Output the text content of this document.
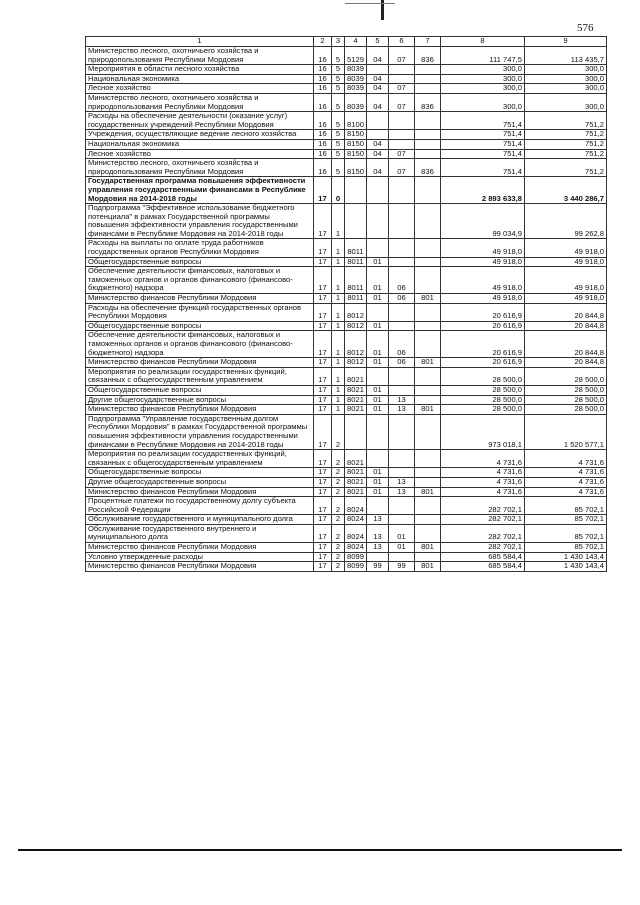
576
1	2	3	4	5	6	7	8	9
Министерство лесного, охотничьего хозяйства и природопользования Республики Мордовия	16	5	5129	04	07	836	111 747,5	113 435,7
Мероприятия в области лесного хозяйства	16	5	8039				300,0	300,0
Национальная экономика	16	5	8039	04			300,0	300,0
Лесное хозяйство	16	5	8039	04	07		300,0	300,0
Министерство лесного, охотничьего хозяйства и природопользования Республики Мордовия	16	5	8039	04	07	836	300,0	300,0
Расходы на обеспечение деятельности (оказание услуг) государственных учреждений Республики Мордовия	16	5	8100				751,4	751,2
Учреждения, осуществляющие ведение лесного хозяйства	16	5	8150				751,4	751,2
Национальная экономика	16	5	8150	04			751,4	751,2
Лесное хозяйство	16	5	8150	04	07		751,4	751,2
Министерство лесного, охотничьего хозяйства и природопользования Республики Мордовия	16	5	8150	04	07	836	751,4	751,2
Государственная программа повышения эффективности управления государственными финансами в Республике Мордовия на 2014-2018 годы	17	0					2 893 633,8	3 440 286,7
Подпрограмма "Эффективное использование бюджетного потенциала" в рамках Государственной программы повышения эффективности управления государственными финансами в Республике Мордовия на 2014-2018 годы	17	1					99 034,9	99 262,8
Расходы на выплаты по оплате труда работников государственных органов Республики Мордовия	17	1	8011				49 918,0	49 918,0
Общегосударственные вопросы	17	1	8011	01			49 918,0	49 918,0
Обеспечение деятельности финансовых, налоговых и таможенных органов и органов финансового (финансово-бюджетного) надзора	17	1	8011	01	06		49 918,0	49 918,0
Министерство финансов Республики Мордовия	17	1	8011	01	06	801	49 918,0	49 918,0
Расходы на обеспечение функций государственных органов Республики Мордовия	17	1	8012				20 616,9	20 844,8
Общегосударственные вопросы	17	1	8012	01			20 616,9	20 844,8
Обеспечение деятельности финансовых, налоговых и таможенных органов и органов финансового (финансово-бюджетного) надзора	17	1	8012	01	06		20 616,9	20 844,8
Министерство финансов Республики Мордовия	17	1	8012	01	06	801	20 616,9	20 844,8
Мероприятия по реализации государственных функций, связанных с общегосударственным управлением	17	1	8021				28 500,0	28 500,0
Общегосударственные вопросы	17	1	8021	01			28 500,0	28 500,0
Другие общегосударственные вопросы	17	1	8021	01	13		28 500,0	28 500,0
Министерство финансов Республики Мордовия	17	1	8021	01	13	801	28 500,0	28 500,0
Подпрограмма "Управление государственным долгом Республики Мордовия" в рамках Государственной программы повышения эффективности управления государственными финансами в Республике Мордовия на 2014-2018 годы	17	2					973 018,1	1 520 577,1
Мероприятия по реализации государственных функций, связанных с общегосударственным управлением	17	2	8021				4 731,6	4 731,6
Общегосударственные вопросы	17	2	8021	01			4 731,6	4 731,6
Другие общегосударственные вопросы	17	2	8021	01	13		4 731,6	4 731,6
Министерство финансов Республики Мордовия	17	2	8021	01	13	801	4 731,6	4 731,6
Процентные платежи по государственному долгу субъекта Российской Федерации	17	2	8024				282 702,1	85 702,1
Обслуживание государственного и муниципального долга	17	2	8024	13			282 702,1	85 702,1
Обслуживание государственного внутреннего и муниципального долга	17	2	8024	13	01		282 702,1	85 702,1
Министерство финансов Республики Мордовия	17	2	8024	13	01	801	282 702,1	85 702,1
Условно утвержденные расходы	17	2	8099				685 584,4	1 430 143,4
Министерство финансов Республики Мордовия	17	2	8099	99	99	801	685 584,4	1 430 143,4
